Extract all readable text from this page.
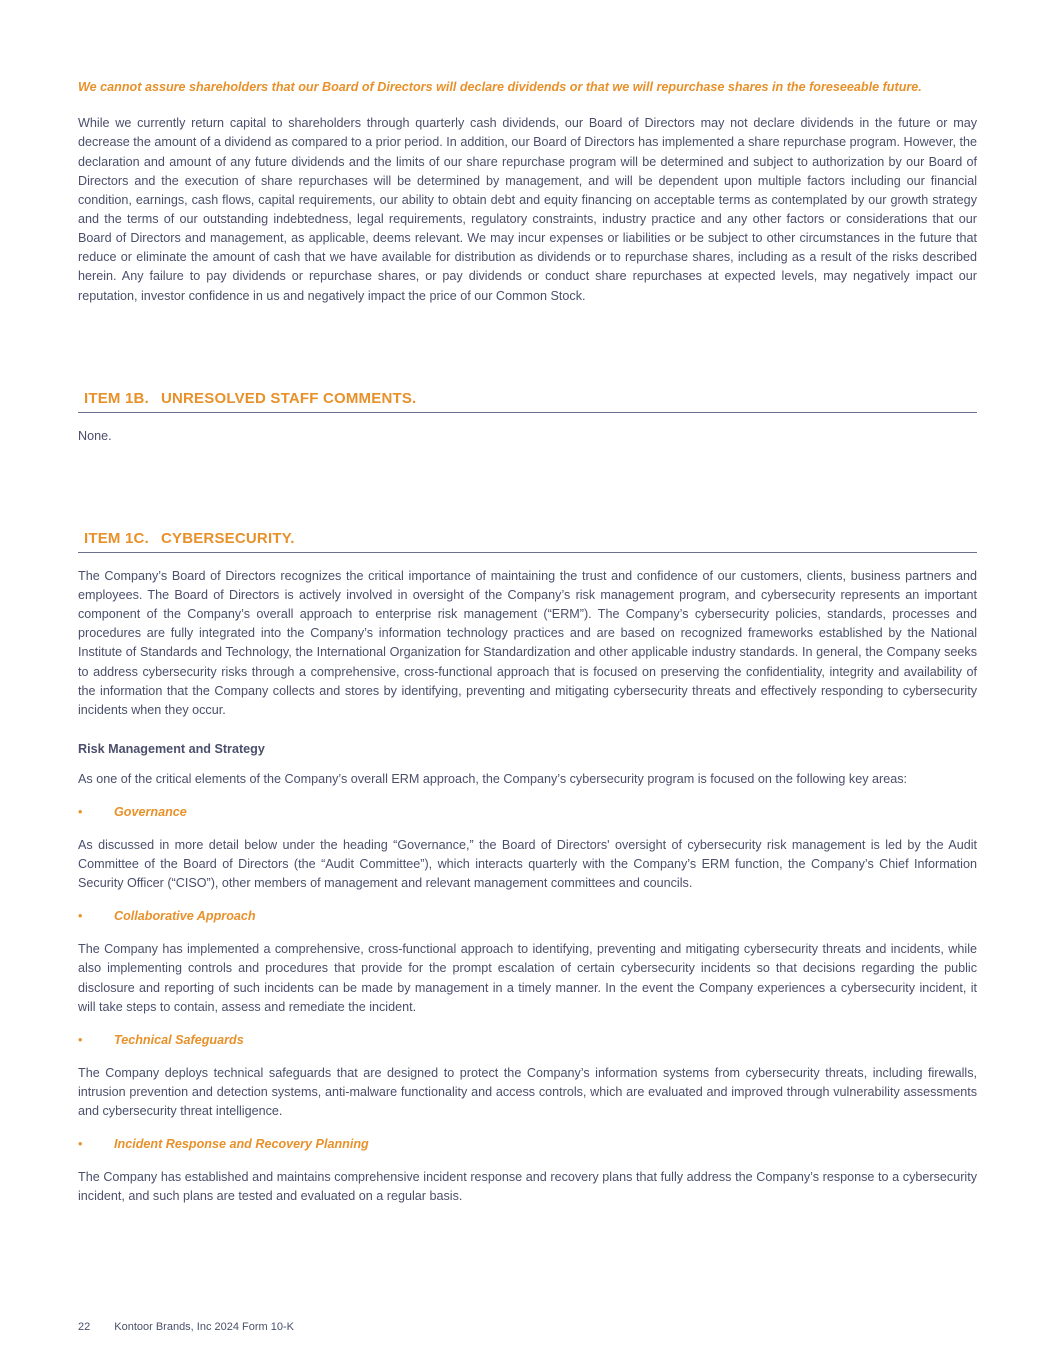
We cannot assure shareholders that our Board of Directors will declare dividends or that we will repurchase shares in the foreseeable future.

While we currently return capital to shareholders through quarterly cash dividends, our Board of Directors may not declare dividends in the future or may decrease the amount of a dividend as compared to a prior period. In addition, our Board of Directors has implemented a share repurchase program. However, the declaration and amount of any future dividends and the limits of our share repurchase program will be determined and subject to authorization by our Board of Directors and the execution of share repurchases will be determined by management, and will be dependent upon multiple factors including our financial condition, earnings, cash flows, capital requirements, our ability to obtain debt and equity financing on acceptable terms as contemplated by our growth strategy and the terms of our outstanding indebtedness, legal requirements, regulatory constraints, industry practice and any other factors or considerations that our Board of Directors and management, as applicable, deems relevant. We may incur expenses or liabilities or be subject to other circumstances in the future that reduce or eliminate the amount of cash that we have available for distribution as dividends or to repurchase shares, including as a result of the risks described herein. Any failure to pay dividends or repurchase shares, or pay dividends or conduct share repurchases at expected levels, may negatively impact our reputation, investor confidence in us and negatively impact the price of our Common Stock.

ITEM 1B. UNRESOLVED STAFF COMMENTS.

None.

ITEM 1C. CYBERSECURITY.

The Company’s Board of Directors recognizes the critical importance of maintaining the trust and confidence of our customers, clients, business partners and employees. The Board of Directors is actively involved in oversight of the Company’s risk management program, and cybersecurity represents an important component of the Company’s overall approach to enterprise risk management (“ERM”). The Company’s cybersecurity policies, standards, processes and procedures are fully integrated into the Company’s information technology practices and are based on recognized frameworks established by the National Institute of Standards and Technology, the International Organization for Standardization and other applicable industry standards. In general, the Company seeks to address cybersecurity risks through a comprehensive, cross-functional approach that is focused on preserving the confidentiality, integrity and availability of the information that the Company collects and stores by identifying, preventing and mitigating cybersecurity threats and effectively responding to cybersecurity incidents when they occur.

Risk Management and Strategy

As one of the critical elements of the Company’s overall ERM approach, the Company’s cybersecurity program is focused on the following key areas:

•	Governance

As discussed in more detail below under the heading “Governance,” the Board of Directors' oversight of cybersecurity risk management is led by the Audit Committee of the Board of Directors (the “Audit Committee”), which interacts quarterly with the Company’s ERM function, the Company’s Chief Information Security Officer (“CISO”), other members of management and relevant management committees and councils.

•	Collaborative Approach

The Company has implemented a comprehensive, cross-functional approach to identifying, preventing and mitigating cybersecurity threats and incidents, while also implementing controls and procedures that provide for the prompt escalation of certain cybersecurity incidents so that decisions regarding the public disclosure and reporting of such incidents can be made by management in a timely manner. In the event the Company experiences a cybersecurity incident, it will take steps to contain, assess and remediate the incident.

•	Technical Safeguards

The Company deploys technical safeguards that are designed to protect the Company’s information systems from cybersecurity threats, including firewalls, intrusion prevention and detection systems, anti-malware functionality and access controls, which are evaluated and improved through vulnerability assessments and cybersecurity threat intelligence.

•	Incident Response and Recovery Planning

The Company has established and maintains comprehensive incident response and recovery plans that fully address the Company’s response to a cybersecurity incident, and such plans are tested and evaluated on a regular basis.

22 Kontoor Brands, Inc 2024 Form 10-K
